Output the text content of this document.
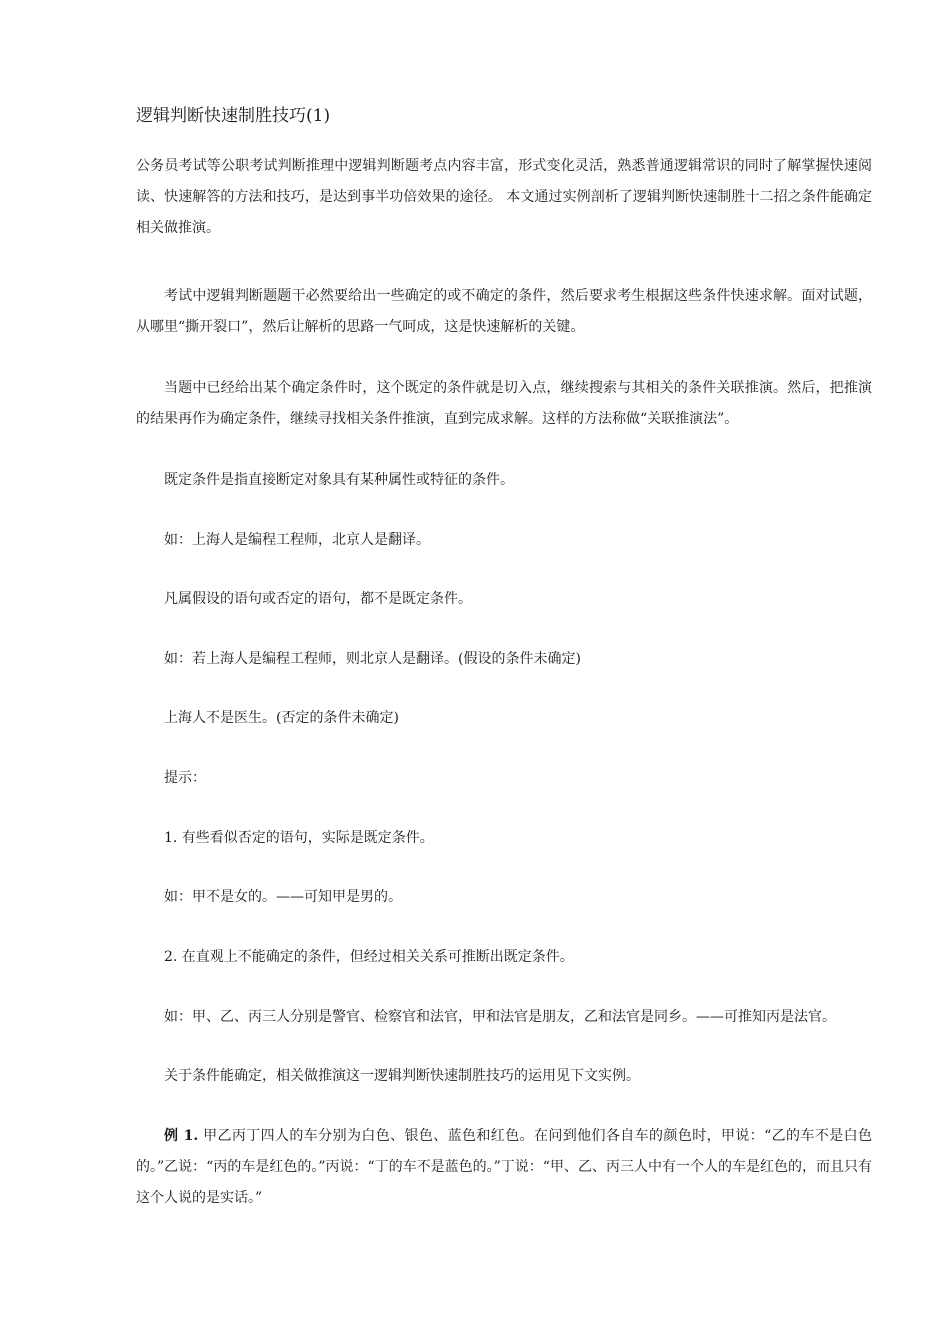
逻辑判断快速制胜技巧(1)

公务员考试等公职考试判断推理中逻辑判断题考点内容丰富，形式变化灵活，熟悉普通逻辑常识的同时了解掌握快速阅读、快速解答的方法和技巧，是达到事半功倍效果的途径。 本文通过实例剖析了逻辑判断快速制胜十二招之条件能确定 相关做推演。

考试中逻辑判断题题干必然要给出一些确定的或不确定的条件，然后要求考生根据这些条件快速求解。面对试题，从哪里“撕开裂口”，然后让解析的思路一气呵成，这是快速解析的关键。

当题中已经给出某个确定条件时，这个既定的条件就是切入点，继续搜索与其相关的条件关联推演。然后，把推演的结果再作为确定条件，继续寻找相关条件推演，直到完成求解。这样的方法称做“关联推演法”。

既定条件是指直接断定对象具有某种属性或特征的条件。

如：上海人是编程工程师，北京人是翻译。

凡属假设的语句或否定的语句，都不是既定条件。

如：若上海人是编程工程师，则北京人是翻译。(假设的条件未确定)

上海人不是医生。(否定的条件未确定)

提示：

1. 有些看似否定的语句，实际是既定条件。

如：甲不是女的。——可知甲是男的。

2. 在直观上不能确定的条件，但经过相关关系可推断出既定条件。

如：甲、乙、丙三人分别是警官、检察官和法官，甲和法官是朋友，乙和法官是同乡。——可推知丙是法官。

关于条件能确定，相关做推演这一逻辑判断快速制胜技巧的运用见下文实例。

例 1. 甲乙丙丁四人的车分别为白色、银色、蓝色和红色。在问到他们各自车的颜色时，甲说：“乙的车不是白色的。”乙说：“丙的车是红色的。”丙说：“丁的车不是蓝色的。”丁说：“甲、乙、丙三人中有一个人的车是红色的，而且只有这个人说的是实话。”
